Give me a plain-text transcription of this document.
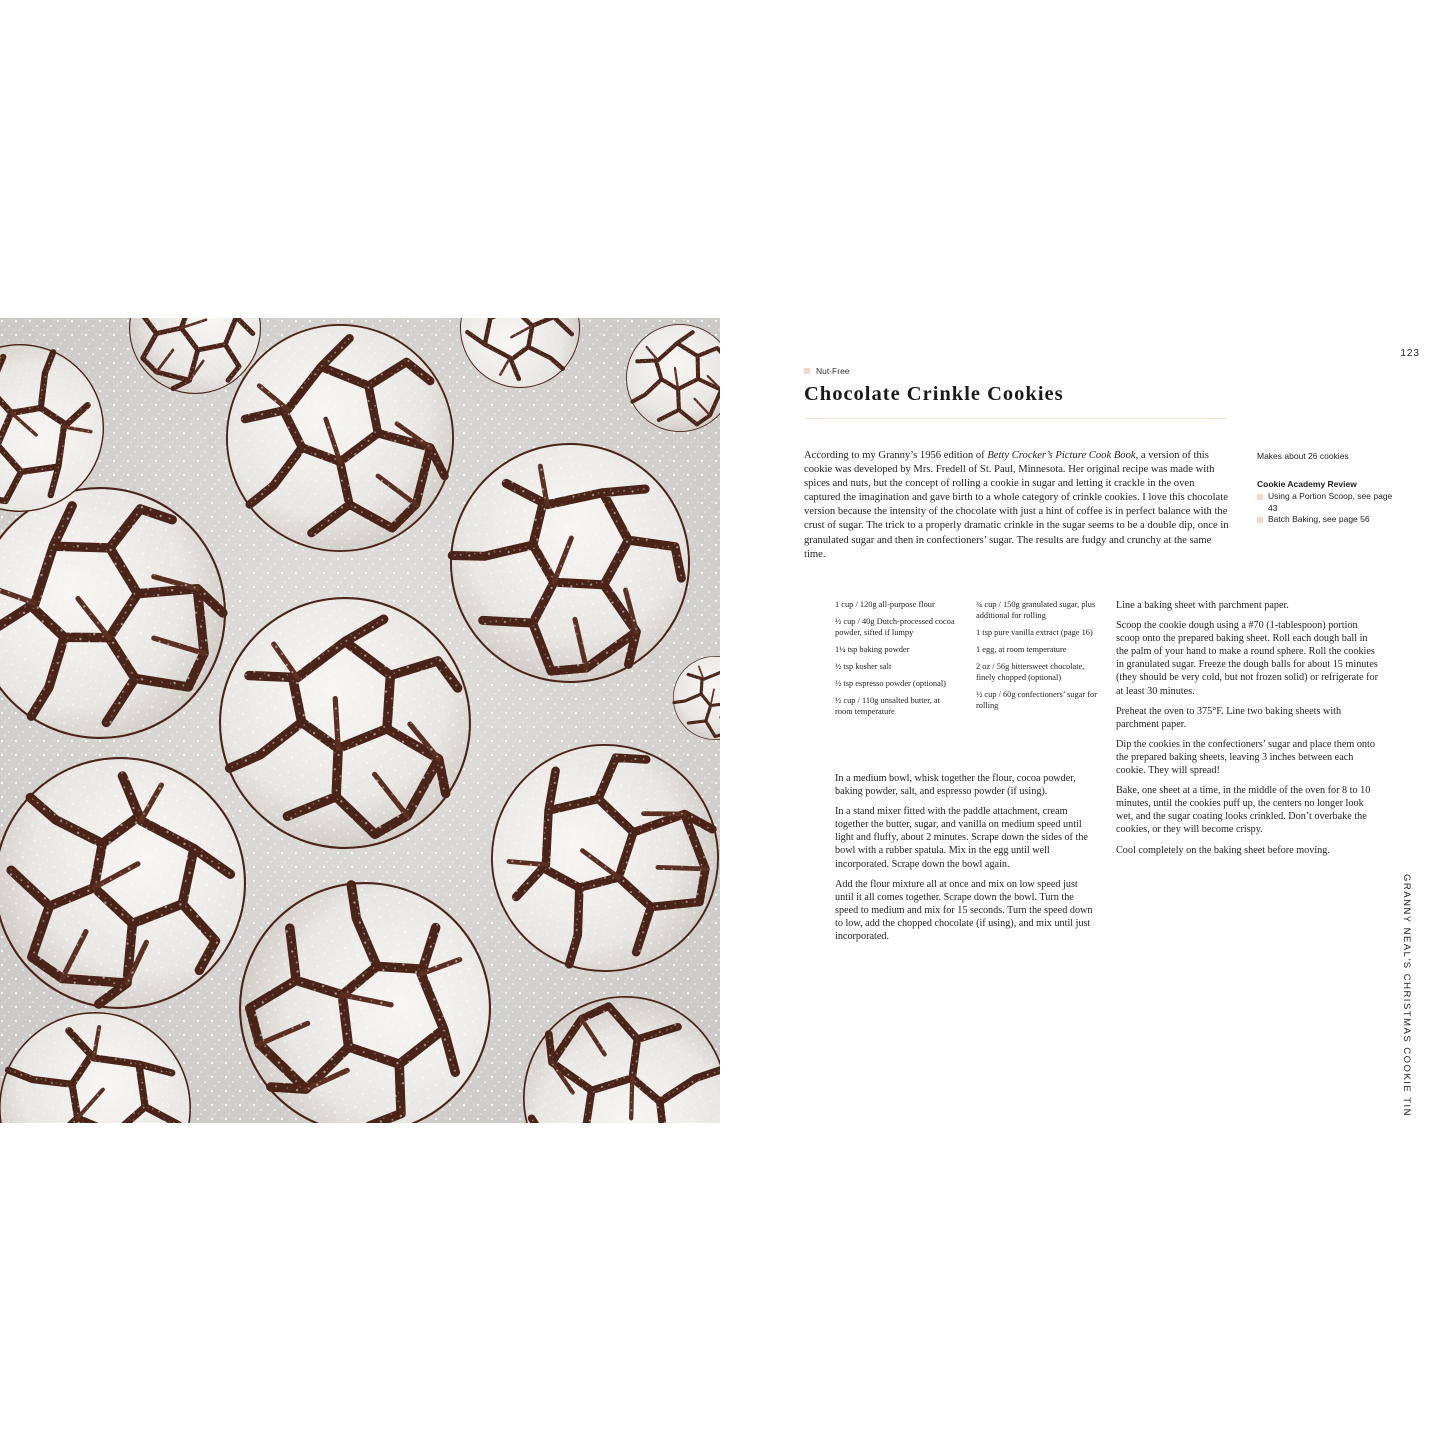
123
GRANNY NEAL'S CHRISTMAS COOKIE TIN
Nut-Free
Chocolate Crinkle Cookies

According to my Granny’s 1956 edition of Betty Crocker’s Picture Cook Book, a version of this cookie was developed by Mrs. Fredell of St. Paul, Minnesota. Her original recipe was made with spices and nuts, but the concept of rolling a cookie in sugar and letting it crackle in the oven captured the imagination and gave birth to a whole category of crinkle cookies. I love this chocolate version because the intensity of the chocolate with just a hint of coffee is in perfect balance with the crust of sugar. The trick to a properly dramatic crinkle in the sugar seems to be a double dip, once in granulated sugar and then in confectioners’ sugar. The results are fudgy and crunchy at the same time.

Makes about 26 cookies
Cookie Academy Review
Using a Portion Scoop, see page 43
Batch Baking, see page 56
1 cup / 120g all-purpose flour
½ cup / 40g Dutch-processed cocoa powder, sifted if lumpy
1¼ tsp baking powder
½ tsp kosher salt
½ tsp espresso powder (optional)
½ cup / 110g unsalted butter, at room temperature
¾ cup / 150g granulated sugar, plus additional for rolling
1 tsp pure vanilla extract (page 16)
1 egg, at room temperature
2 oz / 56g bittersweet chocolate, finely chopped (optional)
½ cup / 60g confectioners’ sugar for rolling

In a medium bowl, whisk together the flour, cocoa powder, baking powder, salt, and espresso powder (if using).

In a stand mixer fitted with the paddle attachment, cream together the butter, sugar, and vanilla on medium speed until light and fluffy, about 2 minutes. Scrape down the sides of the bowl with a rubber spatula. Mix in the egg until well incorporated. Scrape down the bowl again.

Add the flour mixture all at once and mix on low speed just until it all comes together. Scrape down the bowl. Turn the speed to medium and mix for 15 seconds. Turn the speed down to low, add the chopped chocolate (if using), and mix until just incorporated.

Line a baking sheet with parchment paper.

Scoop the cookie dough using a #70 (1-tablespoon) portion scoop onto the prepared baking sheet. Roll each dough ball in the palm of your hand to make a round sphere. Roll the cookies in granulated sugar. Freeze the dough balls for about 15 minutes (they should be very cold, but not frozen solid) or refrigerate for at least 30 minutes.

Preheat the oven to 375°F. Line two baking sheets with parchment paper.

Dip the cookies in the confectioners’ sugar and place them onto the prepared baking sheets, leaving 3 inches between each cookie. They will spread!

Bake, one sheet at a time, in the middle of the oven for 8 to 10 minutes, until the cookies puff up, the centers no longer look wet, and the sugar coating looks crinkled. Don’t overbake the cookies, or they will become crispy.

Cool completely on the baking sheet before moving.
